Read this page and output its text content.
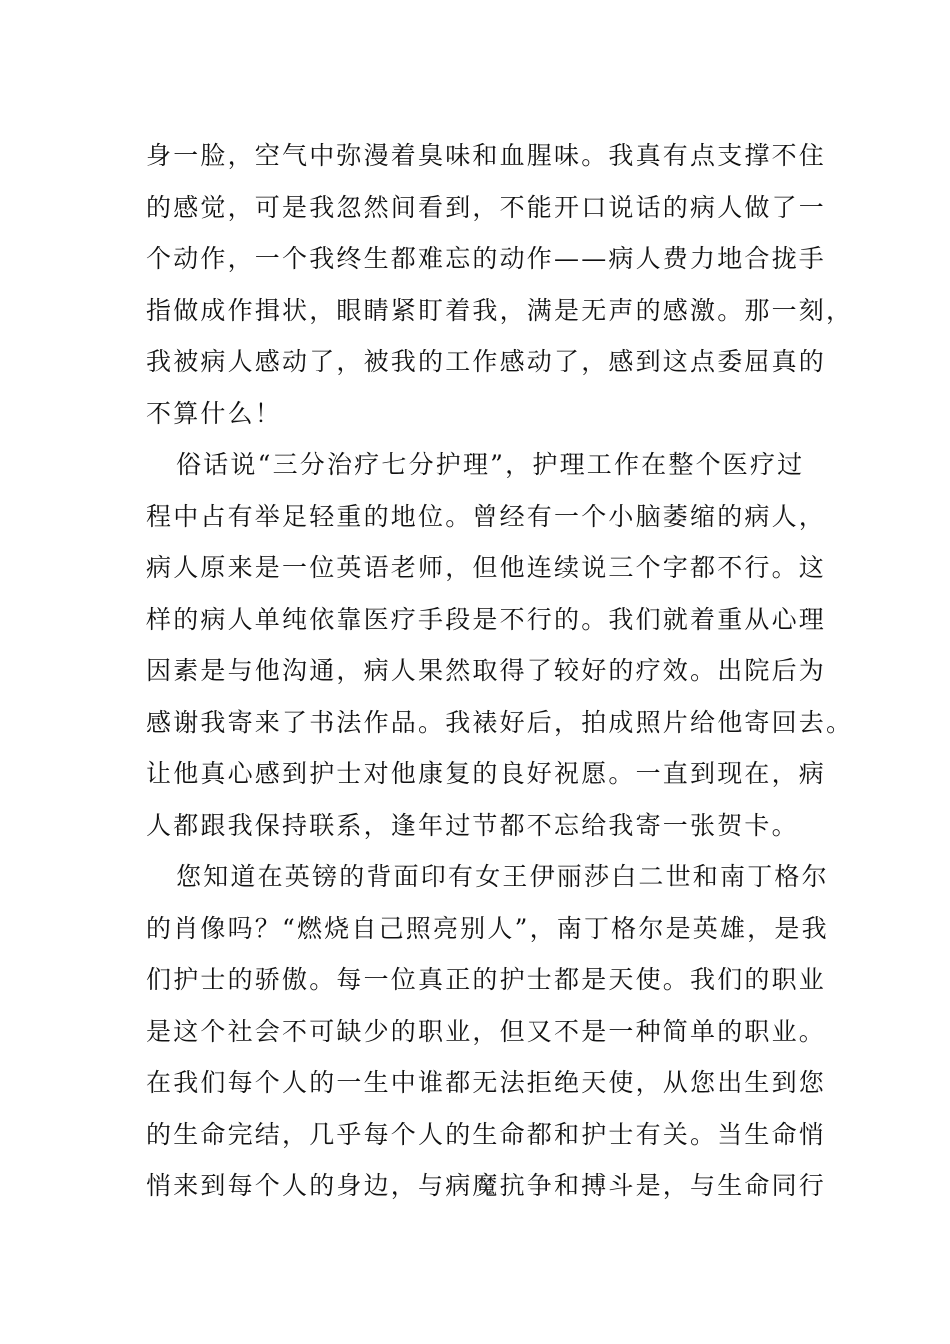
身一脸，空气中弥漫着臭味和血腥味。我真有点支撑不住
的感觉，可是我忽然间看到，不能开口说话的病人做了一
个动作，一个我终生都难忘的动作——病人费力地合拢手
指做成作揖状，眼睛紧盯着我，满是无声的感激。那一刻，
我被病人感动了，被我的工作感动了，感到这点委屈真的
不算什么！
俗话说“三分治疗七分护理”，护理工作在整个医疗过
程中占有举足轻重的地位。曾经有一个小脑萎缩的病人，
病人原来是一位英语老师，但他连续说三个字都不行。这
样的病人单纯依靠医疗手段是不行的。我们就着重从心理
因素是与他沟通，病人果然取得了较好的疗效。出院后为
感谢我寄来了书法作品。我裱好后，拍成照片给他寄回去。
让他真心感到护士对他康复的良好祝愿。一直到现在，病
人都跟我保持联系，逢年过节都不忘给我寄一张贺卡。
您知道在英镑的背面印有女王伊丽莎白二世和南丁格尔
的肖像吗？“燃烧自己照亮别人”，南丁格尔是英雄，是我
们护士的骄傲。每一位真正的护士都是天使。我们的职业
是这个社会不可缺少的职业，但又不是一种简单的职业。
在我们每个人的一生中谁都无法拒绝天使，从您出生到您
的生命完结，几乎每个人的生命都和护士有关。当生命悄
悄来到每个人的身边，与病魔抗争和搏斗是，与生命同行
